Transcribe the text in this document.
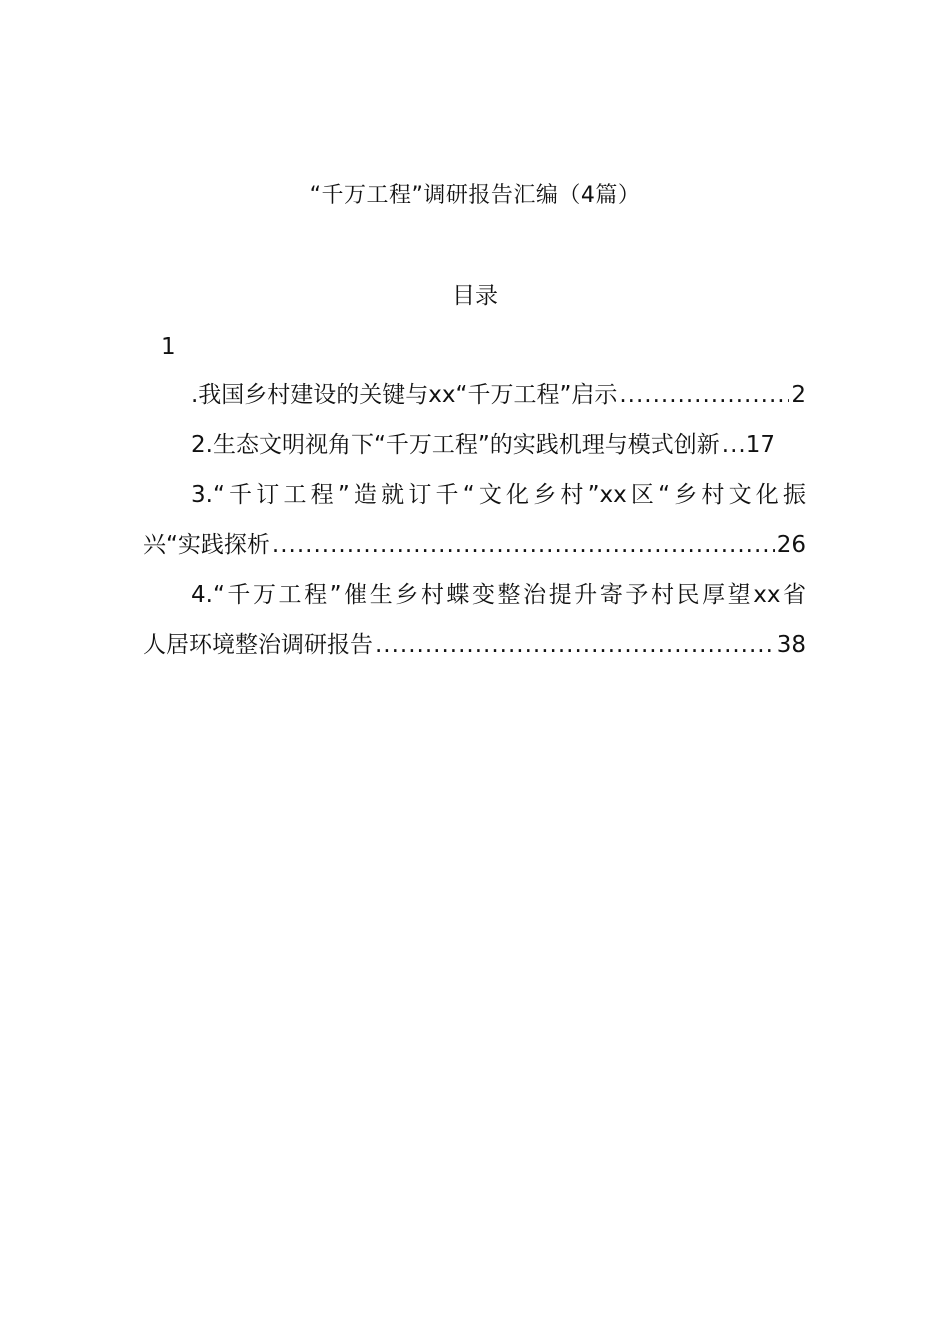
“千万工程”调研报告汇编（4篇）
目录
1
.我国乡村建设的关键与xx“千万工程”启示 .....	2
2.生态文明视角下“千万工程”的实践机理与模式创新 ..... 17
3.“千订工程”造就订千“文化乡村”xx区“乡村文化振
兴“实践探析 .....	26
4.“千万工程”催生乡村蝶变整治提升寄予村民厚望xx省
人居环境整治调研报告 .....	38
